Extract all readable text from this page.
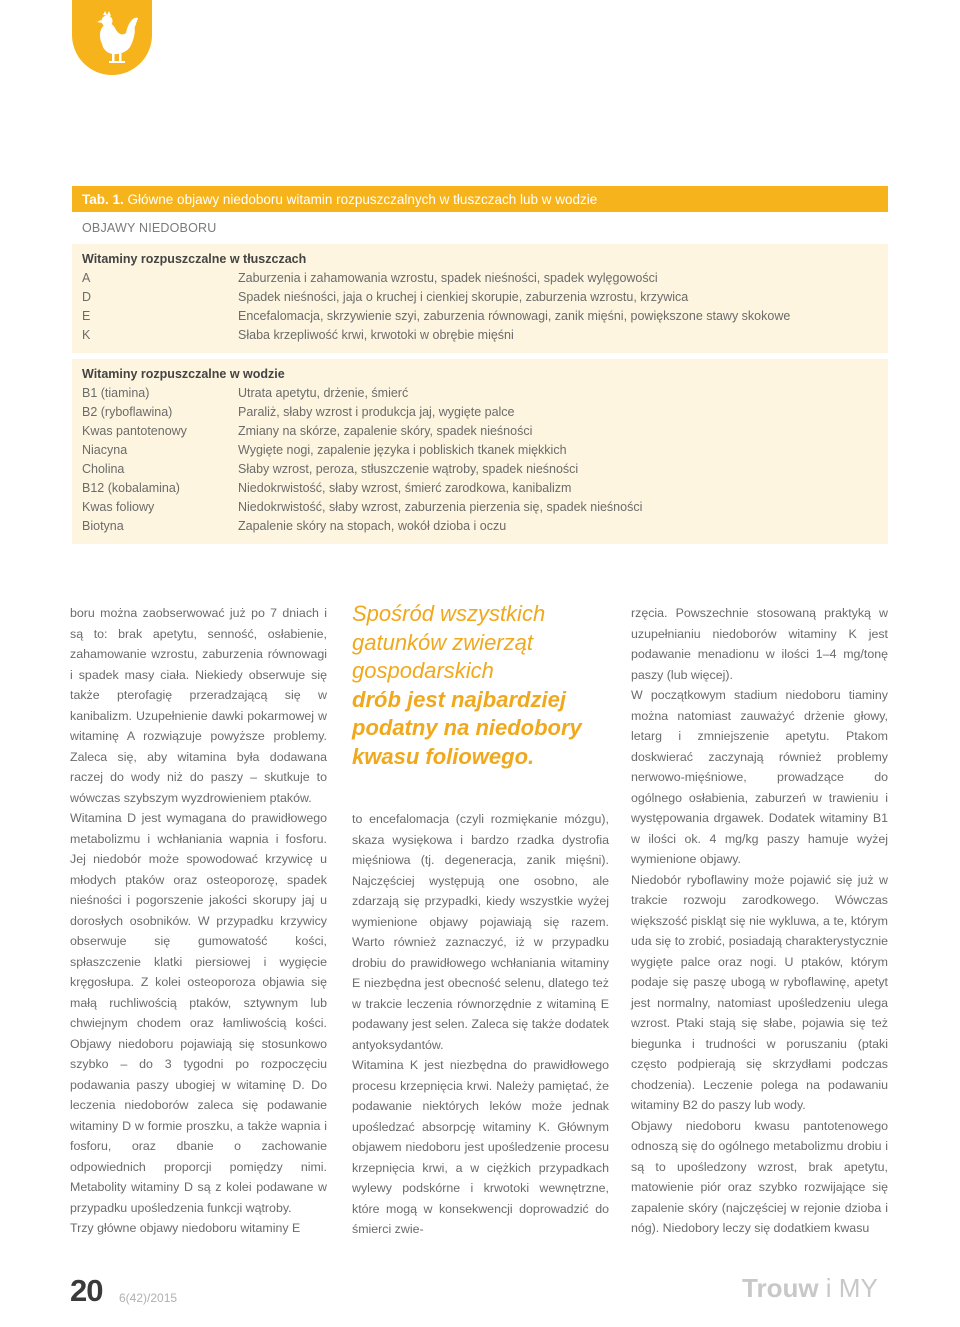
Tab. 1. Główne objawy niedoboru witamin rozpuszczalnych w tłuszczach lub w wodzie
OBJAWY NIEDOBORU
Witaminy rozpuszczalne w tłuszczach
A	Zaburzenia i zahamowania wzrostu, spadek nieśności, spadek wylęgowości
D	Spadek nieśności, jaja o kruchej i cienkiej skorupie, zaburzenia wzrostu, krzywica
E	Encefalomacja, skrzywienie szyi, zaburzenia równowagi, zanik mięśni, powiększone stawy skokowe
K	Słaba krzepliwość krwi, krwotoki w obrębie mięśni
Witaminy rozpuszczalne w wodzie
B1 (tiamina)	Utrata apetytu, drżenie, śmierć
B2 (ryboflawina)	Paraliż, słaby wzrost i produkcja jaj, wygięte palce
Kwas pantotenowy	Zmiany na skórze, zapalenie skóry, spadek nieśności
Niacyna	Wygięte nogi, zapalenie języka i pobliskich tkanek miękkich
Cholina	Słaby wzrost, peroza, stłuszczenie wątroby, spadek nieśności
B12 (kobalamina)	Niedokrwistość, słaby wzrost, śmierć zarodkowa, kanibalizm
Kwas foliowy	Niedokrwistość, słaby wzrost, zaburzenia pierzenia się, spadek nieśności
Biotyna	Zapalenie skóry na stopach, wokół dzioba i oczu

boru można zaobserwować już po 7 dniach i są to: brak apetytu, senność, osłabienie, zahamowanie wzrostu, zaburzenia równowagi i spadek masy ciała. Niekiedy obserwuje się także pterofagię przeradzającą się w kanibalizm. Uzupełnienie dawki pokarmowej w witaminę A rozwiązuje powyższe problemy. Zaleca się, aby witamina była dodawana raczej do wody niż do paszy – skutkuje to wówczas szybszym wyzdrowieniem ptaków.

Witamina D jest wymagana do prawidłowego metabolizmu i wchłaniania wapnia i fosforu. Jej niedobór może spowodować krzywicę u młodych ptaków oraz osteoporozę, spadek nieśności i pogorszenie jakości skorupy jaj u dorosłych osobników. W przypadku krzywicy obserwuje się gumowatość kości, spłaszczenie klatki piersiowej i wygięcie kręgosłupa. Z kolei osteoporoza objawia się małą ruchliwością ptaków, sztywnym lub chwiejnym chodem oraz łamliwością kości. Objawy niedoboru pojawiają się stosunkowo szybko – do 3 tygodni po rozpoczęciu podawania paszy ubogiej w witaminę D. Do leczenia niedoborów zaleca się podawanie witaminy D w formie proszku, a także wapnia i fosforu, oraz dbanie o zachowanie odpowiednich proporcji pomiędzy nimi. Metabolity witaminy D są z kolei podawane w przypadku upośledzenia funkcji wątroby.

Trzy główne objawy niedoboru witaminy E

Spośród wszystkich gatunków zwierząt gospodarskich
drób jest najbardziej podatny na niedobory kwasu foliowego.

to encefalomacja (czyli rozmiękanie mózgu), skaza wysiękowa i bardzo rzadka dystrofia mięśniowa (tj. degeneracja, zanik mięśni). Najczęściej występują one osobno, ale zdarzają się przypadki, kiedy wszystkie wyżej wymienione objawy pojawiają się razem. Warto również zaznaczyć, iż w przypadku drobiu do prawidłowego wchłaniania witaminy E niezbędna jest obecność selenu, dlatego też w trakcie leczenia równorzędnie z witaminą E podawany jest selen. Zaleca się także dodatek antyoksydantów.

Witamina K jest niezbędna do prawidłowego procesu krzepnięcia krwi. Należy pamiętać, że podawanie niektórych leków może jednak upośledzać absorpcję witaminy K. Głównym objawem niedoboru jest upośledzenie procesu krzepnięcia krwi, a w ciężkich przypadkach wylewy podskórne i krwotoki wewnętrzne, które mogą w konsekwencji doprowadzić do śmierci zwie-

rzęcia. Powszechnie stosowaną praktyką w uzupełnianiu niedoborów witaminy K jest podawanie menadionu w ilości 1–4 mg/tonę paszy (lub więcej).

W początkowym stadium niedoboru tiaminy można natomiast zauważyć drżenie głowy, letarg i zmniejszenie apetytu. Ptakom doskwierać zaczynają również problemy nerwowo-mięśniowe, prowadzące do ogólnego osłabienia, zaburzeń w trawieniu i występowania drgawek. Dodatek witaminy B1 w ilości ok. 4 mg/kg paszy hamuje wyżej wymienione objawy.

Niedobór ryboflawiny może pojawić się już w trakcie rozwoju zarodkowego. Wówczas większość piskląt się nie wykluwa, a te, którym uda się to zrobić, posiadają charakterystycznie wygięte palce oraz nogi. U ptaków, którym podaje się paszę ubogą w ryboflawinę, apetyt jest normalny, natomiast upośledzeniu ulega wzrost. Ptaki stają się słabe, pojawia się też biegunka i trudności w poruszaniu (ptaki często podpierają się skrzydłami podczas chodzenia). Leczenie polega na podawaniu witaminy B2 do paszy lub wody.

Objawy niedoboru kwasu pantotenowego odnoszą się do ogólnego metabolizmu drobiu i są to upośledzony wzrost, brak apetytu, matowienie piór oraz szybko rozwijające się zapalenie skóry (najczęściej w rejonie dzioba i nóg). Niedobory leczy się dodatkiem kwasu

20 6(42)/2015	Trouw i MY
